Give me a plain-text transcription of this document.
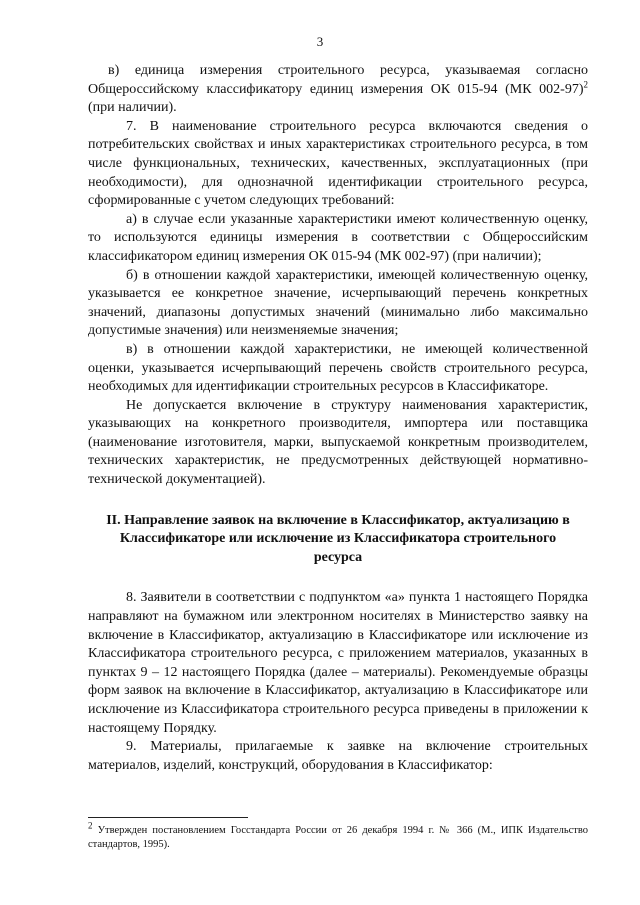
3

в) единица измерения строительного ресурса, указываемая согласно Общероссийскому классификатору единиц измерения ОК 015-94 (МК 002-97)$^2$ (при наличии).

7. В наименование строительного ресурса включаются сведения о потребительских свойствах и иных характеристиках строительного ресурса, в том числе функциональных, технических, качественных, эксплуатационных (при необходимости), для однозначной идентификации строительного ресурса, сформированные с учетом следующих требований:

а) в случае если указанные характеристики имеют количественную оценку, то используются единицы измерения в соответствии с Общероссийским классификатором единиц измерения ОК 015-94 (МК 002-97) (при наличии);

б) в отношении каждой характеристики, имеющей количественную оценку, указывается ее конкретное значение, исчерпывающий перечень конкретных значений, диапазоны допустимых значений (минимально либо максимально допустимые значения) или неизменяемые значения;

в) в отношении каждой характеристики, не имеющей количественной оценки, указывается исчерпывающий перечень свойств строительного ресурса, необходимых для идентификации строительных ресурсов в Классификаторе.

Не допускается включение в структуру наименования характеристик, указывающих на конкретного производителя, импортера или поставщика (наименование изготовителя, марки, выпускаемой конкретным производителем, технических характеристик, не предусмотренных действующей нормативно-технической документацией).

II. Направление заявок на включение в Классификатор, актуализацию в Классификаторе или исключение из Классификатора строительного ресурса

8. Заявители в соответствии с подпунктом «а» пункта 1 настоящего Порядка направляют на бумажном или электронном носителях в Министерство заявку на включение в Классификатор, актуализацию в Классификаторе или исключение из Классификатора строительного ресурса, с приложением материалов, указанных в пунктах 9 – 12 настоящего Порядка (далее – материалы). Рекомендуемые образцы форм заявок на включение в Классификатор, актуализацию в Классификаторе или исключение из Классификатора строительного ресурса приведены в приложении к настоящему Порядку.

9. Материалы, прилагаемые к заявке на включение строительных материалов, изделий, конструкций, оборудования в Классификатор:

$^2$ Утвержден постановлением Госстандарта России от 26 декабря 1994 г. № 366 (М., ИПК Издательство стандартов, 1995).
